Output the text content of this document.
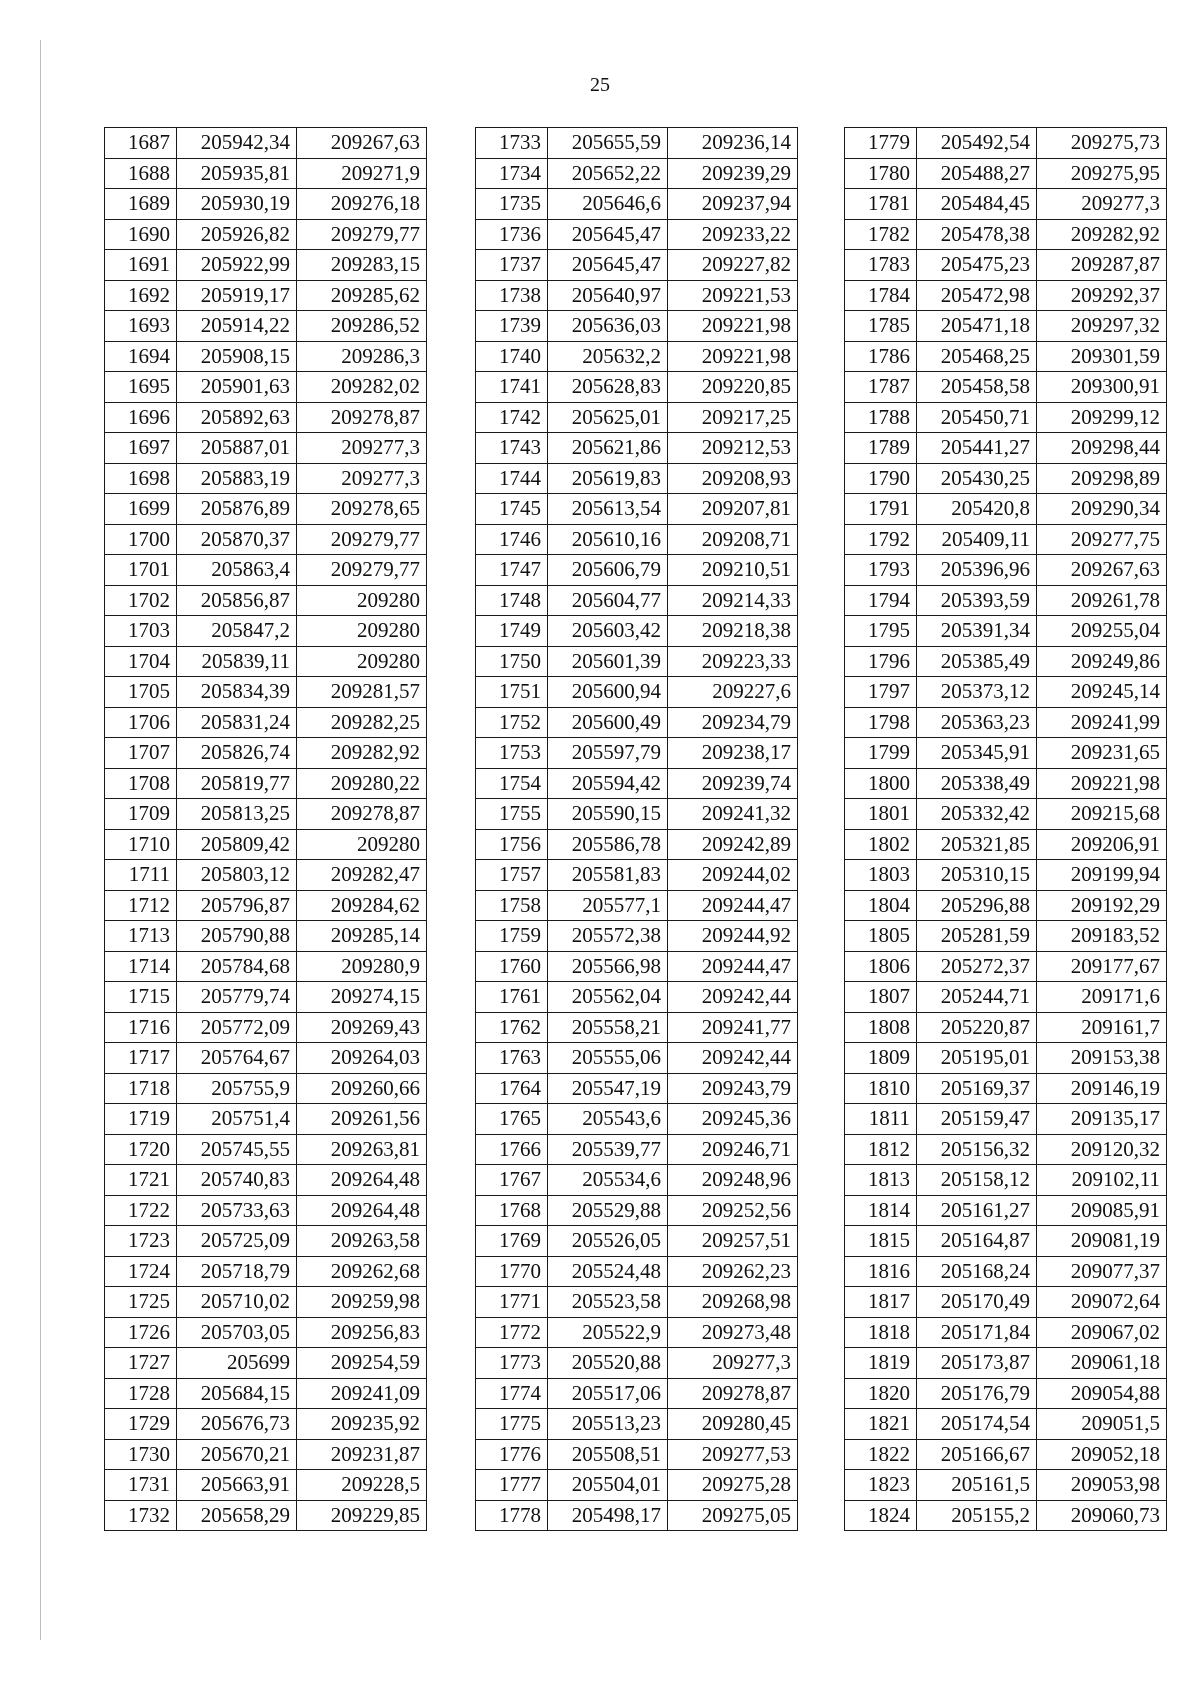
25
1687	205942,34	209267,63
1688	205935,81	209271,9
1689	205930,19	209276,18
1690	205926,82	209279,77
1691	205922,99	209283,15
1692	205919,17	209285,62
1693	205914,22	209286,52
1694	205908,15	209286,3
1695	205901,63	209282,02
1696	205892,63	209278,87
1697	205887,01	209277,3
1698	205883,19	209277,3
1699	205876,89	209278,65
1700	205870,37	209279,77
1701	205863,4	209279,77
1702	205856,87	209280
1703	205847,2	209280
1704	205839,11	209280
1705	205834,39	209281,57
1706	205831,24	209282,25
1707	205826,74	209282,92
1708	205819,77	209280,22
1709	205813,25	209278,87
1710	205809,42	209280
1711	205803,12	209282,47
1712	205796,87	209284,62
1713	205790,88	209285,14
1714	205784,68	209280,9
1715	205779,74	209274,15
1716	205772,09	209269,43
1717	205764,67	209264,03
1718	205755,9	209260,66
1719	205751,4	209261,56
1720	205745,55	209263,81
1721	205740,83	209264,48
1722	205733,63	209264,48
1723	205725,09	209263,58
1724	205718,79	209262,68
1725	205710,02	209259,98
1726	205703,05	209256,83
1727	205699	209254,59
1728	205684,15	209241,09
1729	205676,73	209235,92
1730	205670,21	209231,87
1731	205663,91	209228,5
1732	205658,29	209229,85
1733	205655,59	209236,14
1734	205652,22	209239,29
1735	205646,6	209237,94
1736	205645,47	209233,22
1737	205645,47	209227,82
1738	205640,97	209221,53
1739	205636,03	209221,98
1740	205632,2	209221,98
1741	205628,83	209220,85
1742	205625,01	209217,25
1743	205621,86	209212,53
1744	205619,83	209208,93
1745	205613,54	209207,81
1746	205610,16	209208,71
1747	205606,79	209210,51
1748	205604,77	209214,33
1749	205603,42	209218,38
1750	205601,39	209223,33
1751	205600,94	209227,6
1752	205600,49	209234,79
1753	205597,79	209238,17
1754	205594,42	209239,74
1755	205590,15	209241,32
1756	205586,78	209242,89
1757	205581,83	209244,02
1758	205577,1	209244,47
1759	205572,38	209244,92
1760	205566,98	209244,47
1761	205562,04	209242,44
1762	205558,21	209241,77
1763	205555,06	209242,44
1764	205547,19	209243,79
1765	205543,6	209245,36
1766	205539,77	209246,71
1767	205534,6	209248,96
1768	205529,88	209252,56
1769	205526,05	209257,51
1770	205524,48	209262,23
1771	205523,58	209268,98
1772	205522,9	209273,48
1773	205520,88	209277,3
1774	205517,06	209278,87
1775	205513,23	209280,45
1776	205508,51	209277,53
1777	205504,01	209275,28
1778	205498,17	209275,05
1779	205492,54	209275,73
1780	205488,27	209275,95
1781	205484,45	209277,3
1782	205478,38	209282,92
1783	205475,23	209287,87
1784	205472,98	209292,37
1785	205471,18	209297,32
1786	205468,25	209301,59
1787	205458,58	209300,91
1788	205450,71	209299,12
1789	205441,27	209298,44
1790	205430,25	209298,89
1791	205420,8	209290,34
1792	205409,11	209277,75
1793	205396,96	209267,63
1794	205393,59	209261,78
1795	205391,34	209255,04
1796	205385,49	209249,86
1797	205373,12	209245,14
1798	205363,23	209241,99
1799	205345,91	209231,65
1800	205338,49	209221,98
1801	205332,42	209215,68
1802	205321,85	209206,91
1803	205310,15	209199,94
1804	205296,88	209192,29
1805	205281,59	209183,52
1806	205272,37	209177,67
1807	205244,71	209171,6
1808	205220,87	209161,7
1809	205195,01	209153,38
1810	205169,37	209146,19
1811	205159,47	209135,17
1812	205156,32	209120,32
1813	205158,12	209102,11
1814	205161,27	209085,91
1815	205164,87	209081,19
1816	205168,24	209077,37
1817	205170,49	209072,64
1818	205171,84	209067,02
1819	205173,87	209061,18
1820	205176,79	209054,88
1821	205174,54	209051,5
1822	205166,67	209052,18
1823	205161,5	209053,98
1824	205155,2	209060,73
